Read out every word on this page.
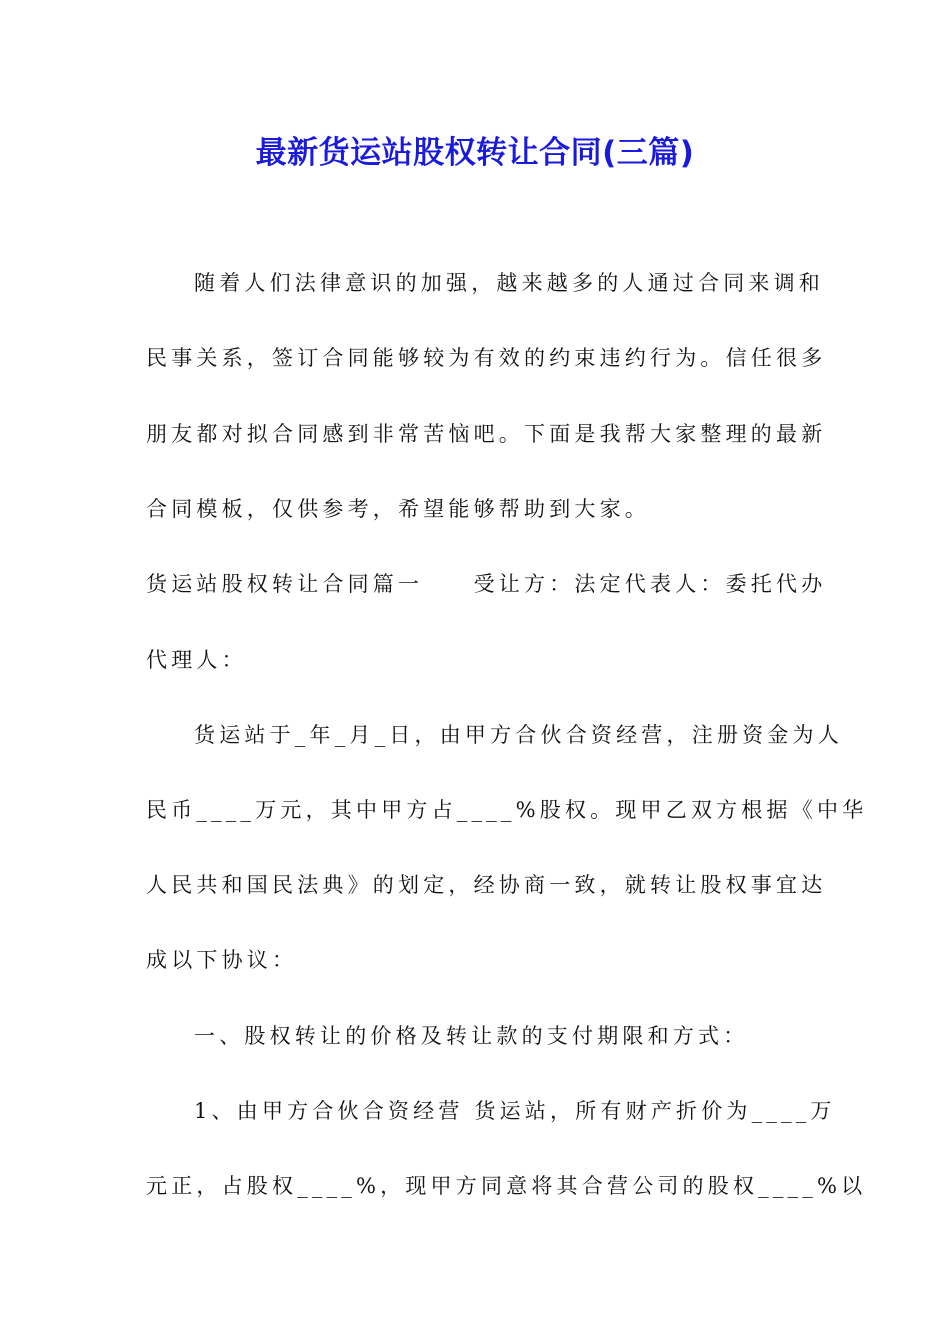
最新货运站股权转让合同(三篇)
随着人们法律意识的加强，越来越多的人通过合同来调和
民事关系，签订合同能够较为有效的约束违约行为。信任很多
朋友都对拟合同感到非常苦恼吧。下面是我帮大家整理的最新
合同模板，仅供参考，希望能够帮助到大家。
货运站股权转让合同篇一　　受让方：法定代表人：委托代办
代理人：
货运站于_年_月_日，由甲方合伙合资经营，注册资金为人
民币____万元，其中甲方占____%股权。现甲乙双方根据《中华
人民共和国民法典》的划定，经协商一致，就转让股权事宜达
成以下协议：
一、股权转让的价格及转让款的支付期限和方式：
1、由甲方合伙合资经营 货运站，所有财产折价为____万
元正，占股权____%，现甲方同意将其合营公司的股权____%以
